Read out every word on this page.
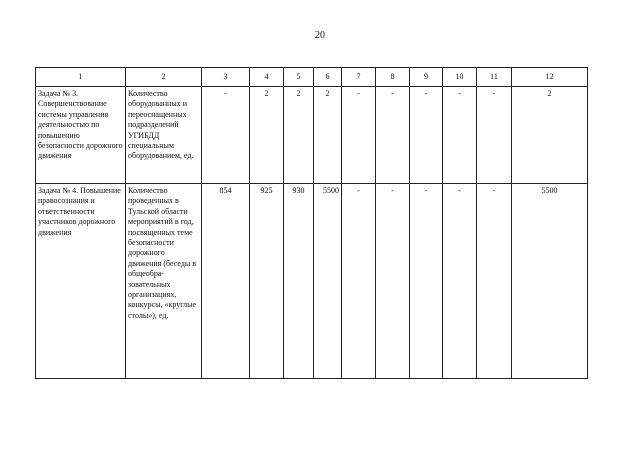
20
1	2	3	4	5	6	7	8	9	10	11	12
Задача № 3. Совершенствование системы управления деятельностью по повышению безопасности дорожного движения	Количество оборудованных и переоснащенных подразделений УГИБДД специальным оборудованием, ед.	-	2	2	2	-	-	-	-	-	2
Задача № 4. Повышение правосознания и ответственности участников дорожного движения	Количество проведенных в Тульской области мероприятий в год, посвященных теме безопасности дорожного движения (беседы в общеобра-зовательных организациях, конкурсы, «круглые столы»), ед.	854	925	930	5500	-	-	-	-	-	5500
